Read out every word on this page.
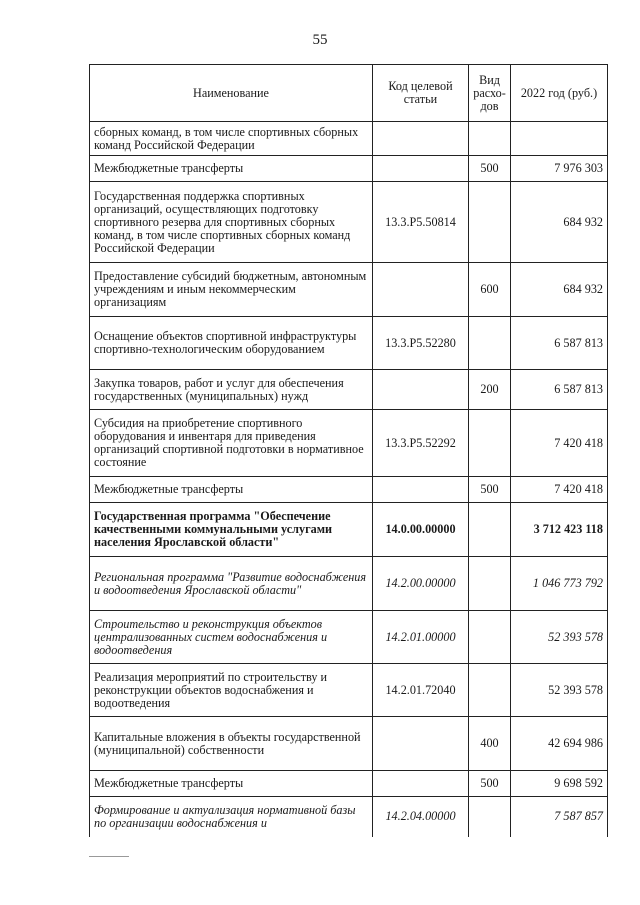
55
Наименование	Код целевой статьи	Вид расхо-дов	2022 год (руб.)
сборных команд, в том числе спортивных сборных команд Российской Федерации			
Межбюджетные трансферты		500	7 976 303
Государственная поддержка спортивных организаций, осуществляющих подготовку спортивного резерва для спортивных сборных команд, в том числе спортивных сборных команд Российской Федерации	13.3.Р5.50814		684 932
Предоставление субсидий бюджетным, автономным учреждениям и иным некоммерческим организациям		600	684 932
Оснащение объектов спортивной инфраструктуры спортивно-технологическим оборудованием	13.3.Р5.52280		6 587 813
Закупка товаров, работ и услуг для обеспечения государственных (муниципальных) нужд		200	6 587 813
Субсидия на приобретение спортивного оборудования и инвентаря для приведения организаций спортивной подготовки в нормативное состояние	13.3.Р5.52292		7 420 418
Межбюджетные трансферты		500	7 420 418
Государственная программа "Обеспечение качественными коммунальными услугами населения Ярославской области"	14.0.00.00000		3 712 423 118
Региональная программа "Развитие водоснабжения и водоотведения Ярославской области"	14.2.00.00000		1 046 773 792
Строительство и реконструкция объектов централизованных систем водоснабжения и водоотведения	14.2.01.00000		52 393 578
Реализация мероприятий по строительству и реконструкции объектов водоснабжения и водоотведения	14.2.01.72040		52 393 578
Капитальные вложения в объекты государственной (муниципальной) собственности		400	42 694 986
Межбюджетные трансферты		500	9 698 592
Формирование и актуализация нормативной базы по организации водоснабжения и	14.2.04.00000		7 587 857
